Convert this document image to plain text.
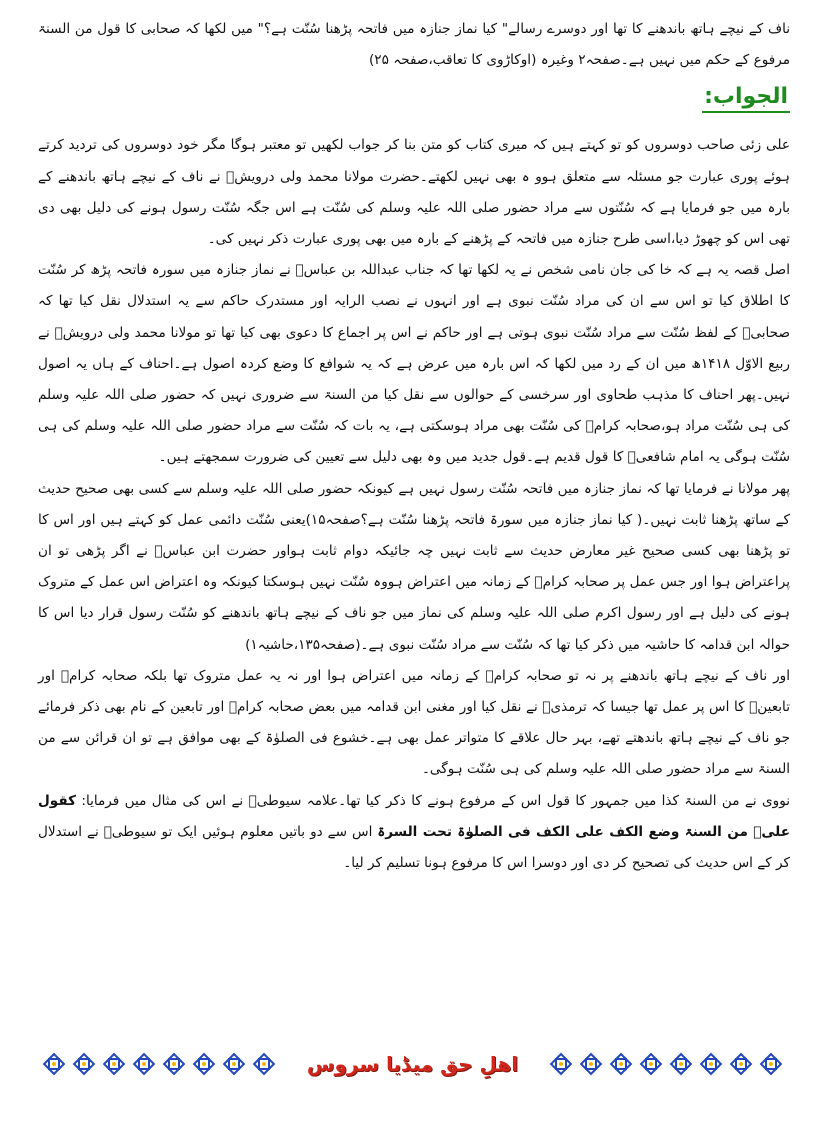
ناف کے نیچے ہاتھ باندھنے کا تھا اور دوسرے رسالے" کیا نماز جنازہ میں فاتحہ پڑھنا سُنّت ہے؟" میں لکھا کہ صحابی کا قول من السنۃ مرفوع کے حکم میں نہیں ہے۔صفحہ۲ وغیرہ (اوکاڑوی کا تعاقب،صفحہ ۲۵)

الجواب:

علی زئی صاحب دوسروں کو تو کہتے ہیں کہ میری کتاب کو متن بنا کر جواب لکھیں تو معتبر ہوگا مگر خود دوسروں کی تردید کرتے ہوئے پوری عبارت جو مسئلہ سے متعلق ہوو ہ بھی نہیں لکھتے۔حضرت مولانا محمد ولی درویشؒ نے ناف کے نیچے ہاتھ باندھنے کے بارہ میں جو فرمایا ہے کہ سُنّتوں سے مراد حضور صلی اللہ علیہ وسلم کی سُنّت ہے اس جگہ سُنّت رسول ہونے کی دلیل بھی دی تھی اس کو چھوڑ دیا،اسی طرح جنازہ میں فاتحہ کے پڑھنے کے بارہ میں بھی پوری عبارت ذکر نہیں کی۔

اصل قصہ یہ ہے کہ خا کی جان نامی شخص نے یہ لکھا تھا کہ جناب عبداللہ بن عباسؓ نے نماز جنازہ میں سورہ فاتحہ پڑھ کر سُنّت کا اطلاق کیا تو اس سے ان کی مراد سُنّت نبوی ہے اور انہوں نے نصب الرایہ اور مستدرک حاکم سے یہ استدلال نقل کیا تھا کہ صحابیؓ کے لفظ سُنّت سے مراد سُنّت نبوی ہوتی ہے اور حاکم نے اس پر اجماع کا دعوی بھی کیا تھا تو مولانا محمد ولی درویشؒ نے ربیع الاوّل ۱۴۱۸ھ میں ان کے رد میں لکھا کہ اس بارہ میں عرض ہے کہ یہ شوافع کا وضع کردہ اصول ہے۔احناف کے ہاں یہ اصول نہیں۔پھر احناف کا مذہب طحاوی اور سرخسی کے حوالوں سے نقل کیا من السنۃ سے ضروری نہیں کہ حضور صلی اللہ علیہ وسلم کی ہی سُنّت مراد ہو،صحابہ کرامؓ کی سُنّت بھی مراد ہوسکتی ہے، یہ بات کہ سُنّت سے مراد حضور صلی اللہ علیہ وسلم کی ہی سُنّت ہوگی یہ امام شافعیؒ کا قول قدیم ہے۔قول جدید میں وہ بھی دلیل سے تعیین کی ضرورت سمجھتے ہیں۔

پھر مولانا نے فرمایا تھا کہ نماز جنازہ میں فاتحہ سُنّت رسول نہیں ہے کیونکہ حضور صلی اللہ علیہ وسلم سے کسی بھی صحیح حدیث کے ساتھ پڑھنا ثابت نہیں۔( کیا نماز جنازہ میں سورۃ فاتحہ پڑھنا سُنّت ہے؟صفحہ۱۵)یعنی سُنّت دائمی عمل کو کہتے ہیں اور اس کا تو پڑھنا بھی کسی صحیح غیر معارض حدیث سے ثابت نہیں چہ جائیکہ دوام ثابت ہواور حضرت ابن عباسؓ نے اگر پڑھی تو ان پراعتراض ہوا اور جس عمل پر صحابہ کرامؓ کے زمانہ میں اعتراض ہووہ سُنّت نہیں ہوسکتا کیونکہ وہ اعتراض اس عمل کے متروک ہونے کی دلیل ہے اور رسول اکرم صلی اللہ علیہ وسلم کی نماز میں جو ناف کے نیچے ہاتھ باندھنے کو سُنّت رسول قرار دیا اس کا حوالہ ابن قدامہ کا حاشیہ میں ذکر کیا تھا کہ سُنّت سے مراد سُنّت نبوی ہے۔(صفحہ۱۳۵،حاشیہ۱)

اور ناف کے نیچے ہاتھ باندھنے پر نہ تو صحابہ کرامؓ کے زمانہ میں اعتراض ہوا اور نہ یہ عمل متروک تھا بلکہ صحابہ کرامؓ اور تابعینؒ کا اس پر عمل تھا جیسا کہ ترمذیؒ نے نقل کیا اور مغنی ابن قدامہ میں بعض صحابہ کرامؓ اور تابعین کے نام بھی ذکر فرمائے جو ناف کے نیچے ہاتھ باندھتے تھے، بہر حال علاقے کا متواتر عمل بھی ہے۔خشوع فی الصلوٰۃ کے بھی موافق ہے تو ان قرائن سے من السنۃ سے مراد حضور صلی اللہ علیہ وسلم کی ہی سُنّت ہوگی۔

نووی نے من السنۃ کذا میں جمہور کا قول اس کے مرفوع ہونے کا ذکر کیا تھا۔علامہ سیوطیؒ نے اس کی مثال میں فرمایا: کقول علیؓ من السنۃ وضع الکف علی الکف فی الصلوٰۃ تحت السرۃ اس سے دو باتیں معلوم ہوئیں ایک تو سیوطیؒ نے استدلال کر کے اس حدیث کی تصحیح کر دی اور دوسرا اس کا مرفوع ہونا تسلیم کر لیا۔

اھلِ حق میڈیا سروس
